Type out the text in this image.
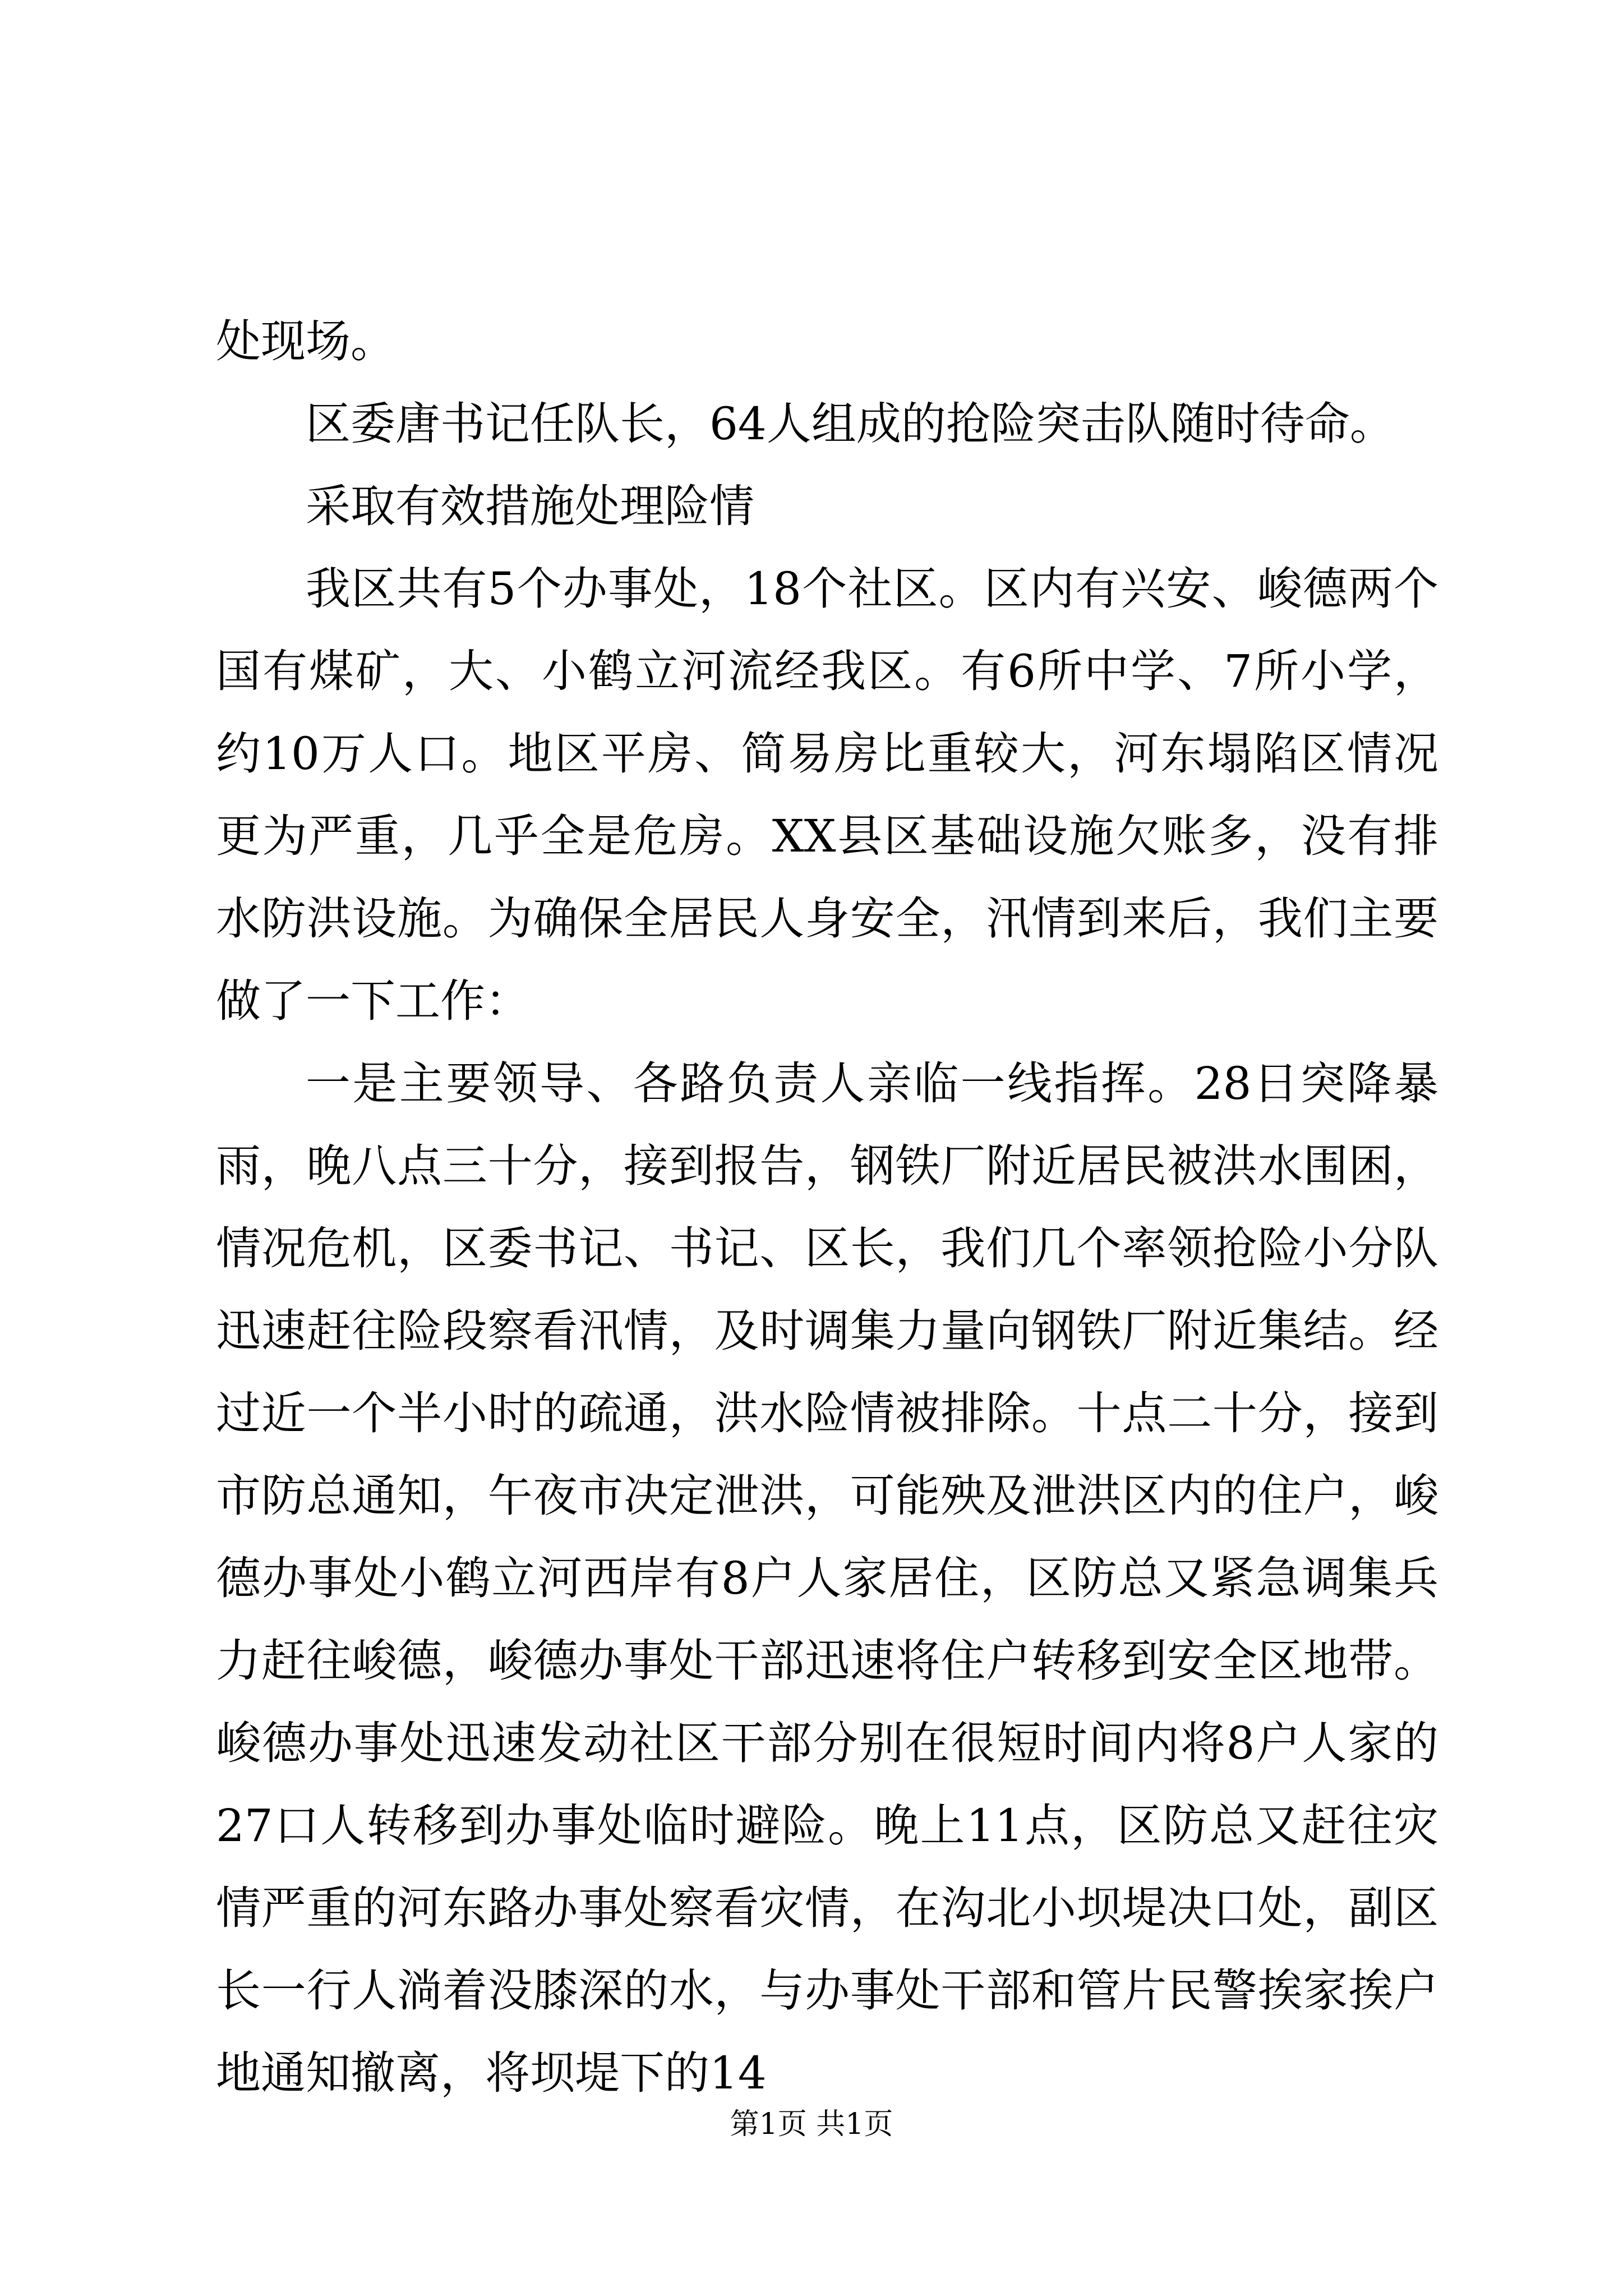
处现场。

区委唐书记任队长，64人组成的抢险突击队随时待命。

采取有效措施处理险情

我区共有5个办事处，18个社区。区内有兴安、峻德两个国有煤矿，大、小鹤立河流经我区。有6所中学、7所小学，约10万人口。地区平房、简易房比重较大，河东塌陷区情况更为严重，几乎全是危房。XX县区基础设施欠账多，没有排水防洪设施。为确保全居民人身安全，汛情到来后，我们主要做了一下工作：

一是主要领导、各路负责人亲临一线指挥。28日突降暴雨，晚八点三十分，接到报告，钢铁厂附近居民被洪水围困，情况危机，区委书记、书记、区长，我们几个率领抢险小分队迅速赶往险段察看汛情，及时调集力量向钢铁厂附近集结。经过近一个半小时的疏通，洪水险情被排除。十点二十分，接到市防总通知，午夜市决定泄洪，可能殃及泄洪区内的住户，峻德办事处小鹤立河西岸有8户人家居住，区防总又紧急调集兵力赶往峻德，峻德办事处干部迅速将住户转移到安全区地带。峻德办事处迅速发动社区干部分别在很短时间内将8户人家的27口人转移到办事处临时避险。晚上11点，区防总又赶往灾情严重的河东路办事处察看灾情，在沟北小坝堤决口处，副区长一行人淌着没膝深的水，与办事处干部和管片民警挨家挨户地通知撤离，将坝堤下的14

第1页 共1页
